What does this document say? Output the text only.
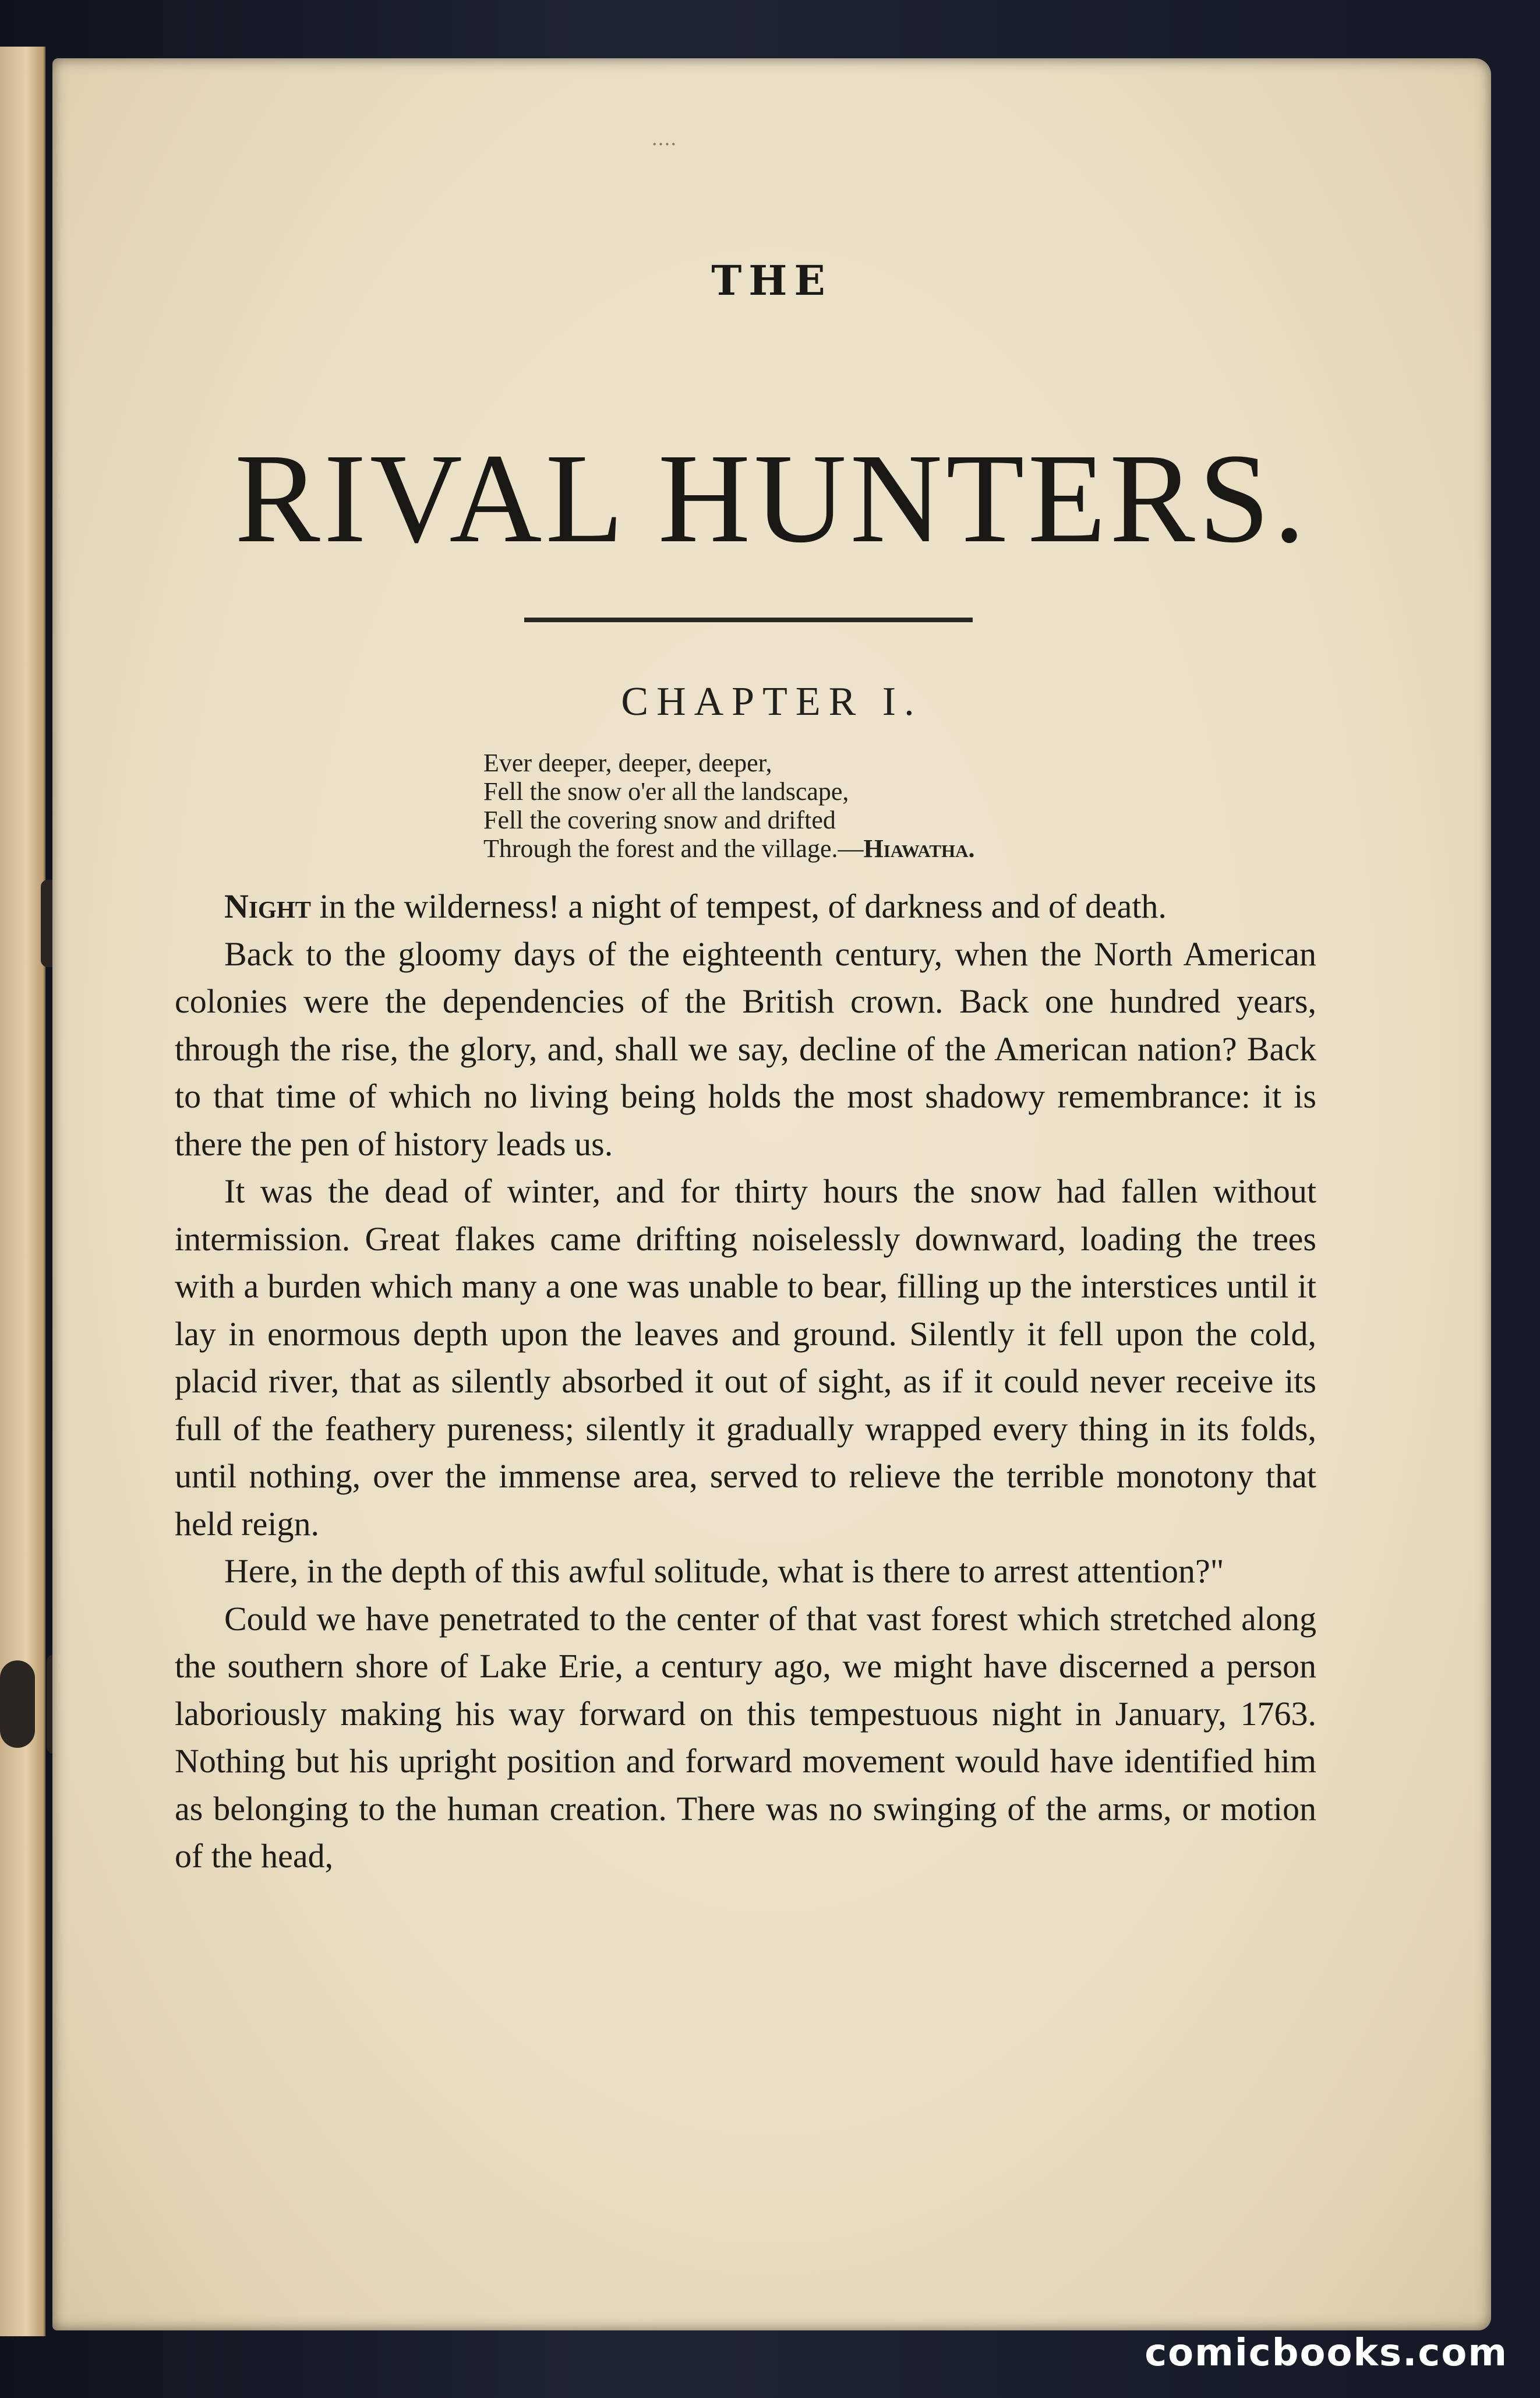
....
THE
RIVAL HUNTERS.
CHAPTER I.
Ever deeper, deeper, deeper,
Fell the snow o'er all the landscape,
Fell the covering snow and drifted
Through the forest and the village.—Hiawatha.

Night in the wilderness! a night of tempest, of darkness and of death.

Back to the gloomy days of the eighteenth century, when the North American colonies were the dependencies of the British crown. Back one hundred years, through the rise, the glory, and, shall we say, decline of the American nation? Back to that time of which no living being holds the most shadowy remembrance: it is there the pen of history leads us.

It was the dead of winter, and for thirty hours the snow had fallen without intermission. Great flakes came drifting noiselessly downward, loading the trees with a burden which many a one was unable to bear, filling up the interstices until it lay in enormous depth upon the leaves and ground. Silently it fell upon the cold, placid river, that as silently absorbed it out of sight, as if it could never receive its full of the feathery pureness; silently it gradually wrapped every thing in its folds, until nothing, over the immense area, served to relieve the terrible monotony that held reign.

Here, in the depth of this awful solitude, what is there to arrest attention?"

Could we have penetrated to the center of that vast forest which stretched along the southern shore of Lake Erie, a century ago, we might have discerned a person laboriously making his way forward on this tempestuous night in January, 1763. Nothing but his upright position and forward movement would have identified him as belonging to the human creation. There was no swinging of the arms, or motion of the head,

comicbooks.com
